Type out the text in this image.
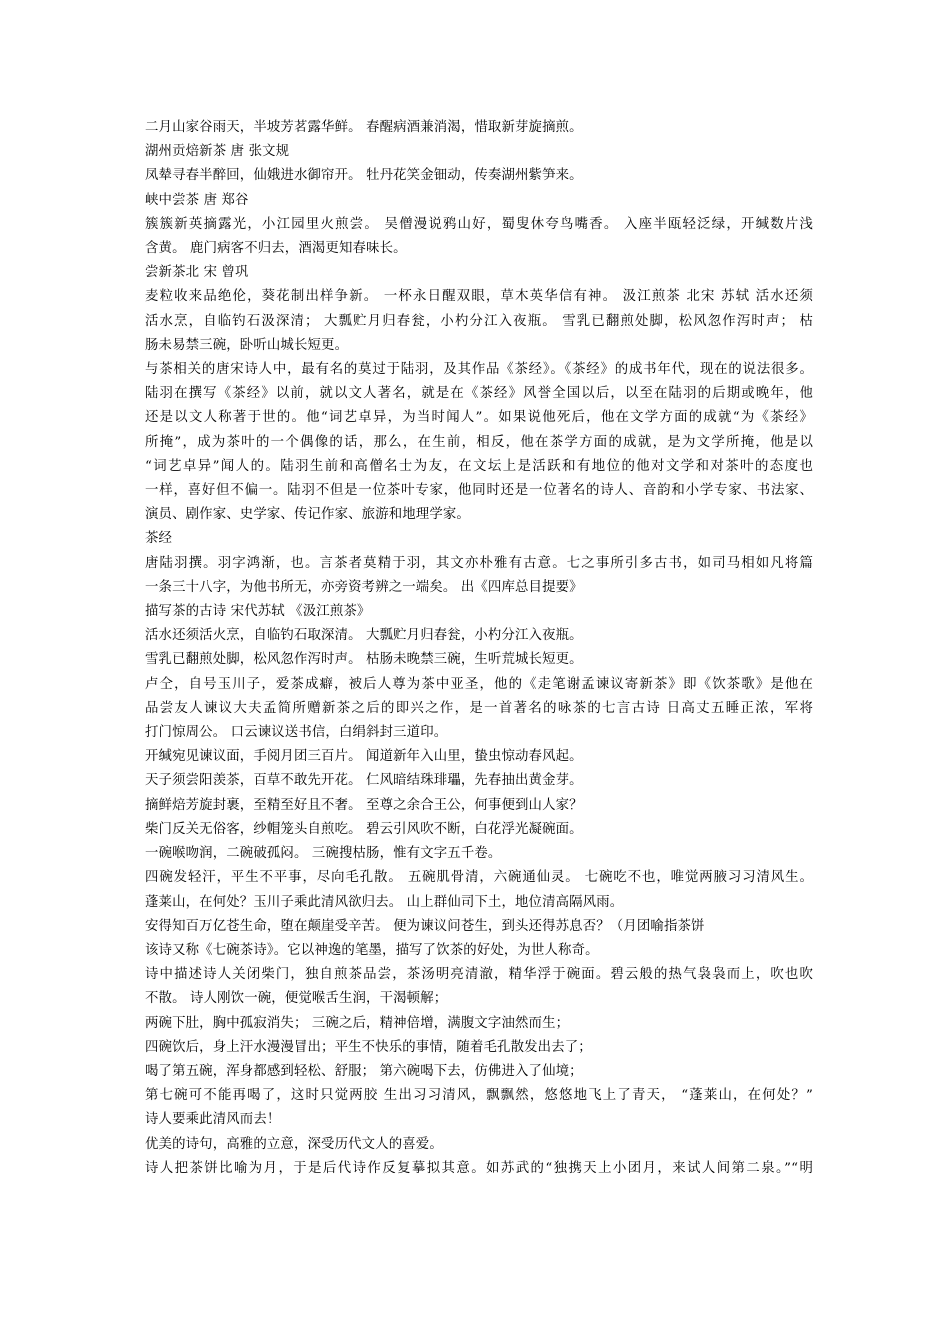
二月山家谷雨天，半坡芳茗露华鲜。 春醒病酒兼消渴，惜取新芽旋摘煎。
湖州贡焙新茶 唐 张文规
凤辇寻春半醉回，仙娥进水御帘开。 牡丹花笑金钿动，传奏湖州紫笋来。
峡中尝茶 唐 郑谷
簇簇新英摘露光，小江园里火煎尝。 吴僧漫说鸦山好，蜀叟休夸鸟嘴香。 入座半瓯轻泛绿，开缄数片浅
含黄。 鹿门病客不归去，酒渴更知春味长。
尝新茶北 宋 曾巩
麦粒收来品绝伦，葵花制出样争新。 一杯永日醒双眼，草木英华信有神。 汲江煎茶 北宋 苏轼 活水还须
活水烹，自临钓石汲深清； 大瓢贮月归春瓮，小杓分江入夜瓶。 雪乳已翻煎处脚，松风忽作泻时声； 枯
肠未易禁三碗，卧听山城长短更。
与茶相关的唐宋诗人中，最有名的莫过于陆羽，及其作品《茶经》。《茶经》的成书年代，现在的说法很多。
陆羽在撰写《茶经》以前，就以文人著名，就是在《茶经》风誉全国以后，以至在陆羽的后期或晚年，他
还是以文人称著于世的。他“词艺卓异，为当时闻人”。如果说他死后，他在文学方面的成就“为《茶经》
所掩”，成为茶叶的一个偶像的话，那么，在生前，相反，他在茶学方面的成就，是为文学所掩，他是以
“词艺卓异”闻人的。陆羽生前和高僧名士为友，在文坛上是活跃和有地位的他对文学和对茶叶的态度也
一样，喜好但不偏一。陆羽不但是一位茶叶专家，他同时还是一位著名的诗人、音韵和小学专家、书法家、
演员、剧作家、史学家、传记作家、旅游和地理学家。
茶经
唐陆羽撰。羽字鸿渐，也。言茶者莫精于羽，其文亦朴雅有古意。七之事所引多古书，如司马相如凡将篇
一条三十八字，为他书所无，亦旁资考辨之一端矣。 出《四库总目提要》
描写茶的古诗 宋代苏轼 《汲江煎茶》
活水还须活火烹，自临钓石取深清。 大瓢贮月归春瓮，小杓分江入夜瓶。
雪乳已翻煎处脚，松风忽作泻时声。 枯肠未晚禁三碗，生听荒城长短更。
卢仝，自号玉川子，爱茶成癖，被后人尊为茶中亚圣，他的《走笔谢孟谏议寄新茶》即《饮茶歌》是他在
品尝友人谏议大夫孟简所赠新茶之后的即兴之作，是一首著名的咏茶的七言古诗 日高丈五睡正浓，军将
打门惊周公。 口云谏议送书信，白绢斜封三道印。
开缄宛见谏议面，手阅月团三百片。 闻道新年入山里，蛰虫惊动春风起。
天子须尝阳羡茶，百草不敢先开花。 仁风暗结珠琲瓃，先春抽出黄金芽。
摘鲜焙芳旋封裹，至精至好且不奢。 至尊之余合王公，何事便到山人家？
柴门反关无俗客，纱帽笼头自煎吃。 碧云引风吹不断，白花浮光凝碗面。
一碗喉吻润，二碗破孤闷。 三碗搜枯肠，惟有文字五千卷。
四碗发轻汗，平生不平事，尽向毛孔散。 五碗肌骨清，六碗通仙灵。 七碗吃不也，唯觉两腋习习清风生。
蓬莱山，在何处？玉川子乘此清风欲归去。 山上群仙司下土，地位清高隔风雨。
安得知百万亿苍生命，堕在颠崖受辛苦。 便为谏议问苍生，到头还得苏息否？（月团喻指茶饼
该诗又称《七碗茶诗》。它以神逸的笔墨，描写了饮茶的好处，为世人称奇。
诗中描述诗人关闭柴门，独自煎茶品尝，茶汤明亮清澈，精华浮于碗面。碧云般的热气袅袅而上，吹也吹
不散。 诗人刚饮一碗，便觉喉舌生润，干渴顿解；
两碗下肚，胸中孤寂消失； 三碗之后，精神倍增，满腹文字油然而生；
四碗饮后，身上汗水漫漫冒出；平生不快乐的事情，随着毛孔散发出去了；
喝了第五碗，浑身都感到轻松、舒服； 第六碗喝下去，仿佛进入了仙境；
第七碗可不能再喝了，这时只觉两胶 生出习习清风，飘飘然，悠悠地飞上了青天， “蓬莱山，在何处？”
诗人要乘此清风而去！
优美的诗句，高雅的立意，深受历代文人的喜爱。
诗人把茶饼比喻为月，于是后代诗作反复摹拟其意。如苏武的“独携天上小团月，来试人间第二泉。”“明
